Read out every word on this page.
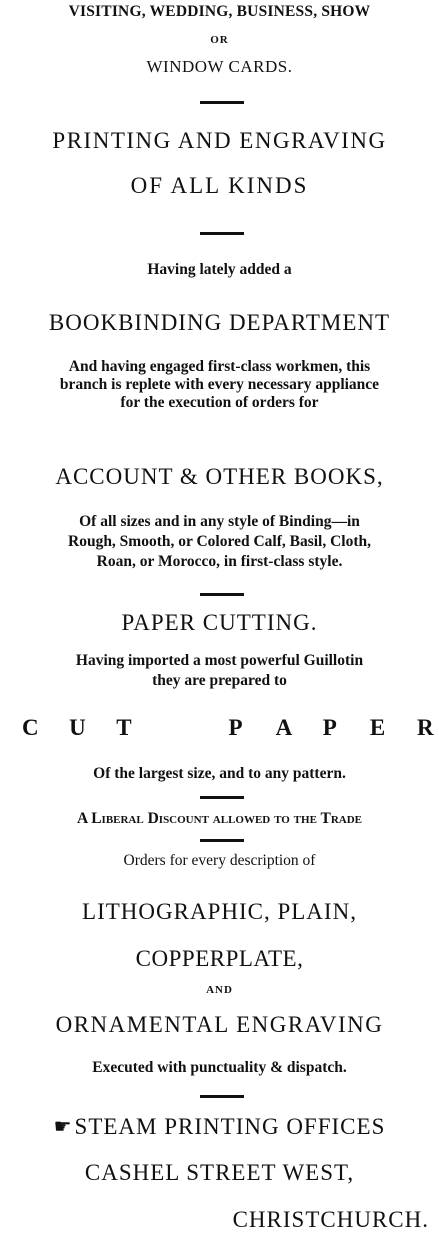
VISITING, WEDDING, BUSINESS, SHOW
OR
WINDOW CARDS.
PRINTING AND ENGRAVING
OF ALL KINDS
Having lately added a
BOOKBINDING DEPARTMENT
And having engaged first-class workmen, this branch is replete with every necessary appliance for the execution of orders for
ACCOUNT & OTHER BOOKS,
Of all sizes and in any style of Binding—in
Rough, Smooth, or Colored Calf, Basil, Cloth,
Roan, or Morocco, in first-class style.
PAPER CUTTING.
Having imported a most powerful Guillotin
they are prepared to
C U T	P A P E R
Of the largest size, and to any pattern.
A Liberal Discount allowed to the Trade
Orders for every description of
LITHOGRAPHIC, PLAIN,
COPPERPLATE,
AND
ORNAMENTAL ENGRAVING
Executed with punctuality & dispatch.
☛STEAM PRINTING OFFICES
CASHEL STREET WEST,
CHRISTCHURCH.
